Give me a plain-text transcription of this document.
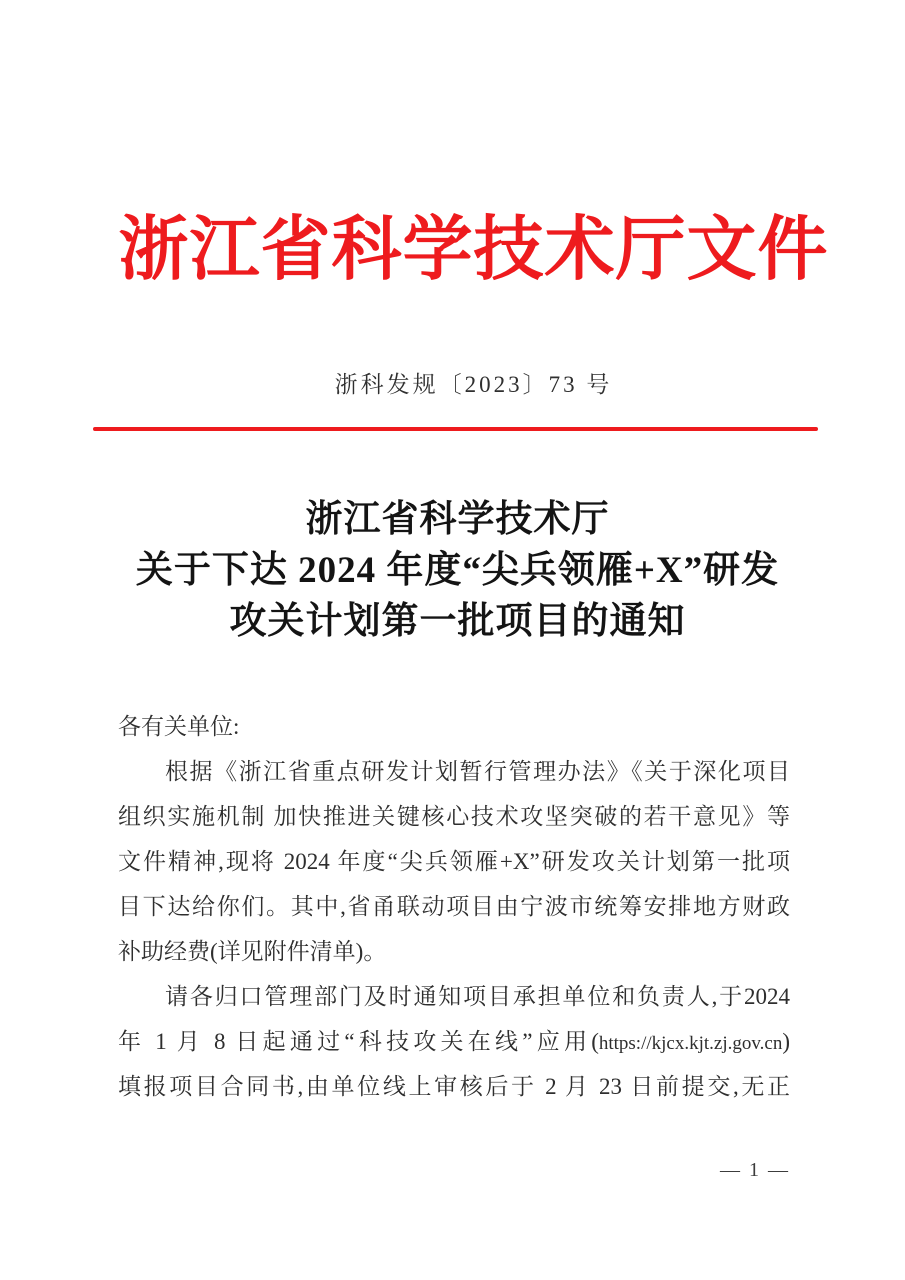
浙江省科学技术厅文件
浙科发规〔2023〕73 号
浙江省科学技术厅
关于下达 2024 年度“尖兵领雁+X”研发
攻关计划第一批项目的通知
各有关单位:
根据《浙江省重点研发计划暂行管理办法》《关于深化项目
组织实施机制 加快推进关键核心技术攻坚突破的若干意见》等
文件精神,现将 2024 年度“尖兵领雁+X”研发攻关计划第一批项
目下达给你们。其中,省甬联动项目由宁波市统筹安排地方财政
补助经费(详见附件清单)。
请各归口管理部门及时通知项目承担单位和负责人,于2024
年 1 月 8 日起通过“科技攻关在线”应用(https://kjcx.kjt.zj.gov.cn)
填报项目合同书,由单位线上审核后于 2 月 23 日前提交,无正
— 1 —
